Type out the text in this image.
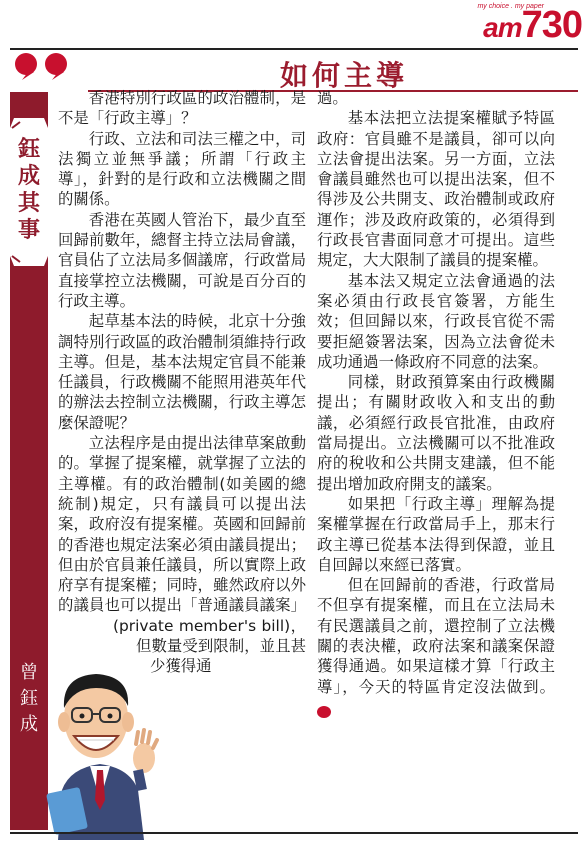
my choice . my paper
am730
如何主導
鈺
成
其
事
曾
鈺
成

香港特別行政區的政治體制，是不是「行政主導」？

行政、立法和司法三權之中，司法獨立並無爭議；所謂「行政主導」，針對的是行政和立法機關之間的關係。

香港在英國人管治下，最少直至回歸前數年，總督主持立法局會議，官員佔了立法局多個議席，行政當局直接掌控立法機關，可說是百分百的行政主導。

起草基本法的時候，北京十分強調特別行政區的政治體制須維持行政主導。但是，基本法規定官員不能兼任議員，行政機關不能照用港英年代的辦法去控制立法機關，行政主導怎麼保證呢？

立法程序是由提出法律草案啟動的。掌握了提案權，就掌握了立法的主導權。有的政治體制(如美國的總統制)規定，只有議員可以提出法案，政府沒有提案權。英國和回歸前的香港也規定法案必須由議員提出；但由於官員兼任議員，所以實際上政府享有提案權；同時，雖然政府以外的議員也可以提出「普通議員議案」(private member's bill)，但數量受到限制，並且甚少獲得通

過。

基本法把立法提案權賦予特區政府：官員雖不是議員，卻可以向立法會提出法案。另一方面，立法會議員雖然也可以提出法案，但不得涉及公共開支、政治體制或政府運作；涉及政府政策的，必須得到行政長官書面同意才可提出。這些規定，大大限制了議員的提案權。

基本法又規定立法會通過的法案必須由行政長官簽署，方能生效；但回歸以來，行政長官從不需要拒絕簽署法案，因為立法會從未成功通過一條政府不同意的法案。

同樣，財政預算案由行政機關提出；有關財政收入和支出的動議，必須經行政長官批准，由政府當局提出。立法機關可以不批准政府的稅收和公共開支建議，但不能提出增加政府開支的議案。

如果把「行政主導」理解為提案權掌握在行政當局手上，那末行政主導已從基本法得到保證，並且自回歸以來經已落實。

但在回歸前的香港，行政當局不但享有提案權，而且在立法局未有民選議員之前，還控制了立法機關的表決權，政府法案和議案保證獲得通過。如果這樣才算「行政主導」，今天的特區肯定沒法做到。 am
